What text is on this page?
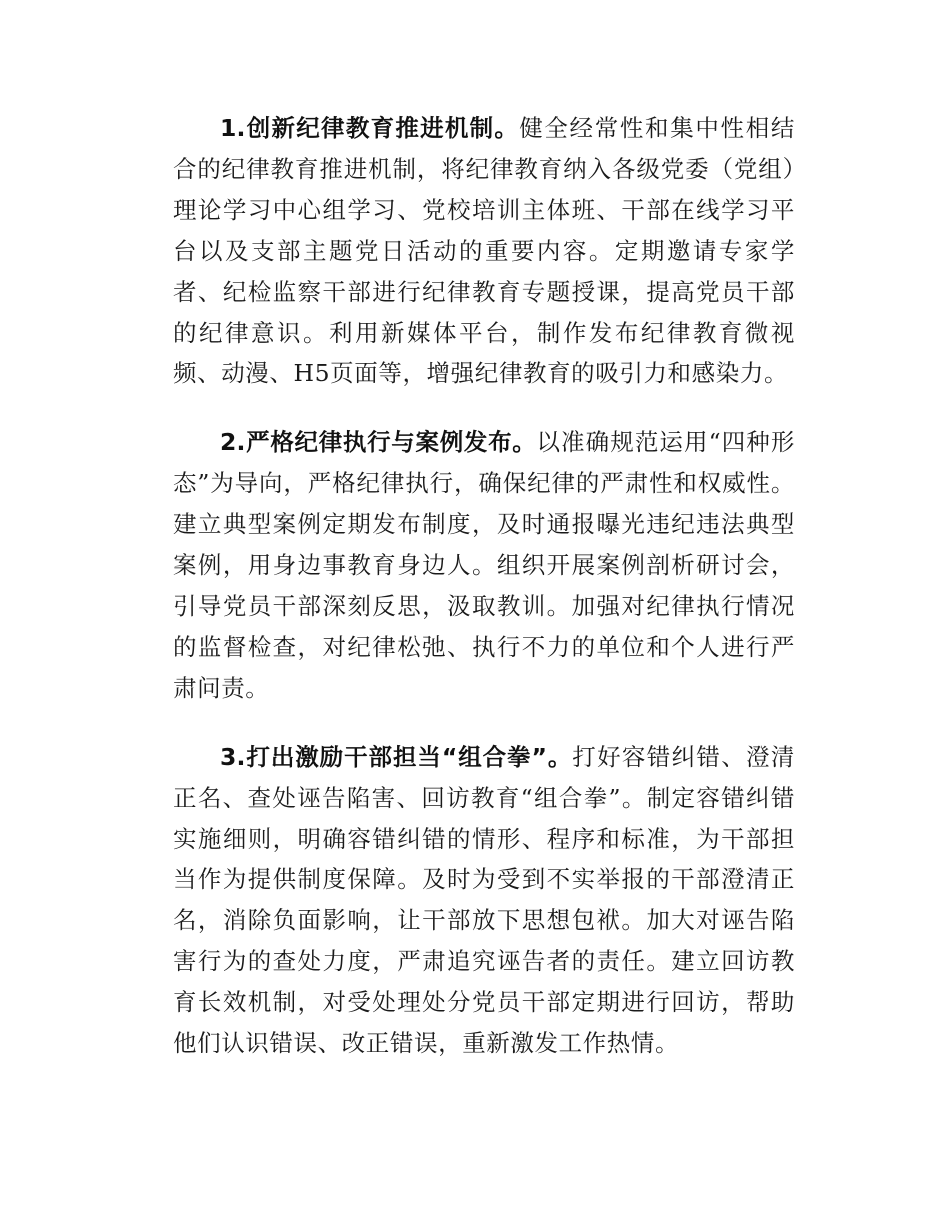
1.创新纪律教育推进机制。健全经常性和集中性相结合的纪律教育推进机制，将纪律教育纳入各级党委（党组）理论学习中心组学习、党校培训主体班、干部在线学习平台以及支部主题党日活动的重要内容。定期邀请专家学者、纪检监察干部进行纪律教育专题授课，提高党员干部的纪律意识。利用新媒体平台，制作发布纪律教育微视频、动漫、H5页面等，增强纪律教育的吸引力和感染力。

2.严格纪律执行与案例发布。以准确规范运用“四种形态”为导向，严格纪律执行，确保纪律的严肃性和权威性。建立典型案例定期发布制度，及时通报曝光违纪违法典型案例，用身边事教育身边人。组织开展案例剖析研讨会，引导党员干部深刻反思，汲取教训。加强对纪律执行情况的监督检查，对纪律松弛、执行不力的单位和个人进行严肃问责。

3.打出激励干部担当“组合拳”。打好容错纠错、澄清正名、查处诬告陷害、回访教育“组合拳”。制定容错纠错实施细则，明确容错纠错的情形、程序和标准，为干部担当作为提供制度保障。及时为受到不实举报的干部澄清正名，消除负面影响，让干部放下思想包袱。加大对诬告陷害行为的查处力度，严肃追究诬告者的责任。建立回访教育长效机制，对受处理处分党员干部定期进行回访，帮助他们认识错误、改正错误，重新激发工作热情。
